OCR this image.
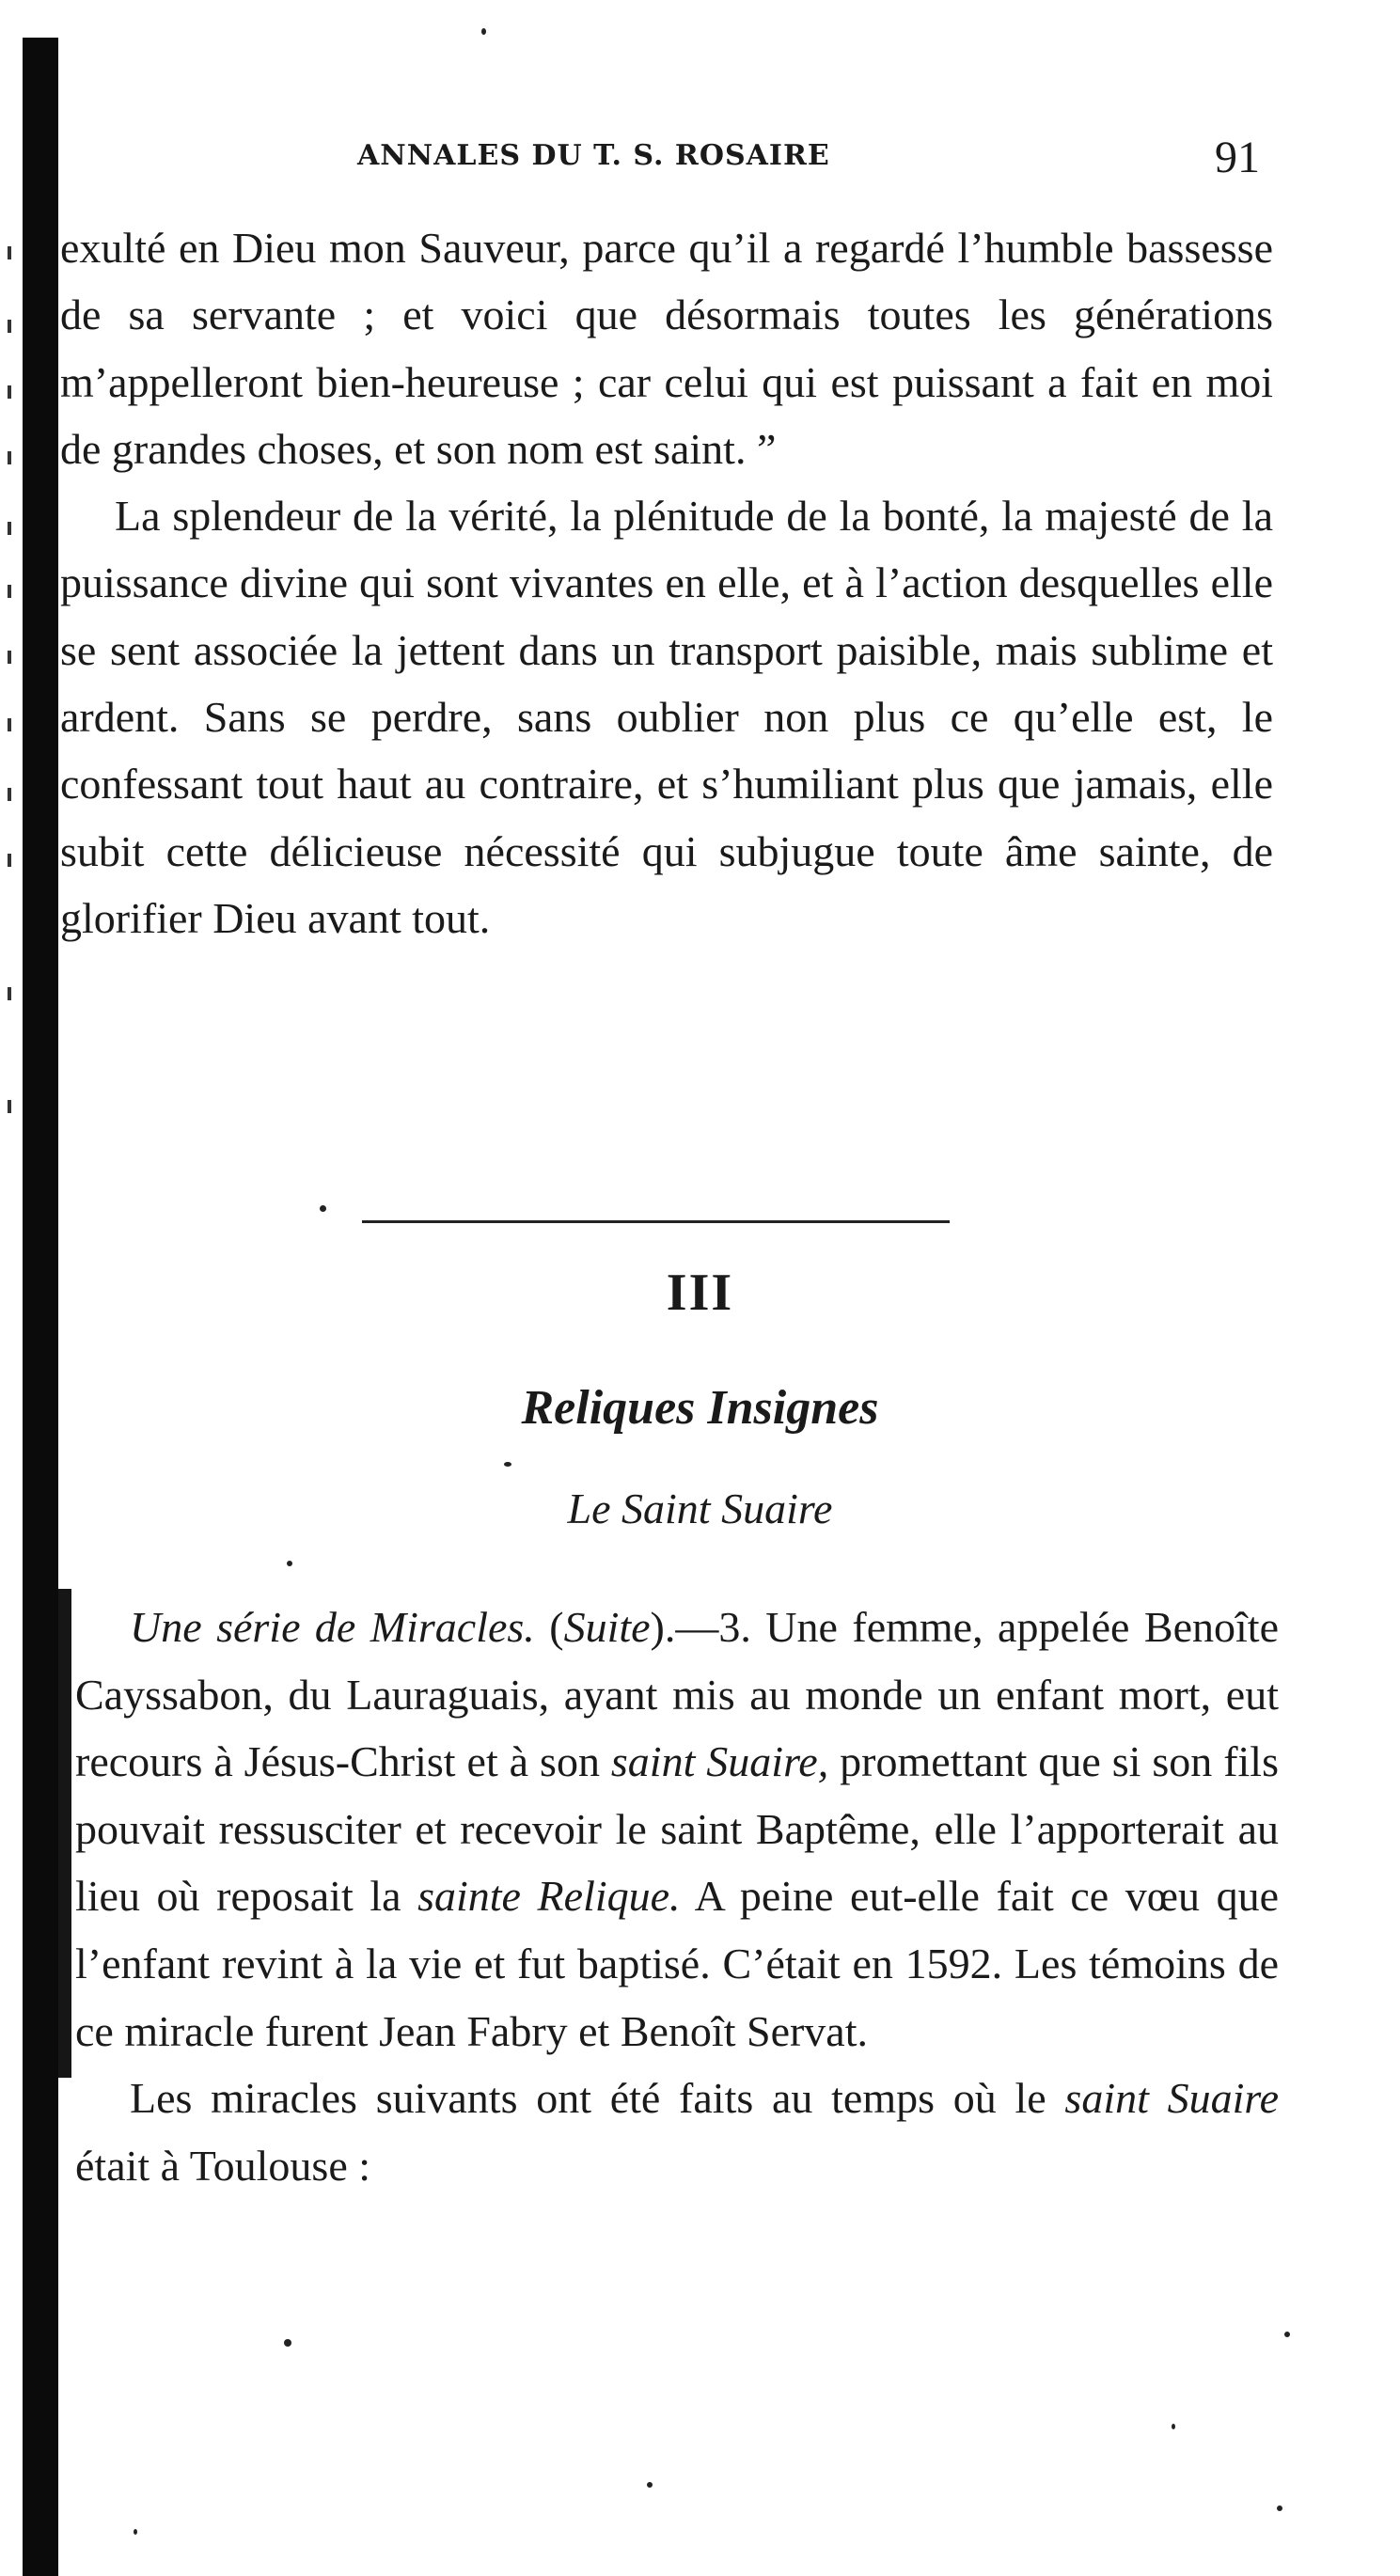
ANNALES DU T. S. ROSAIRE	91

exulté en Dieu mon Sauveur, parce qu’il a regardé l’humble bassesse de sa servante ; et voici que désormais toutes les générations m’appelleront bien-heureuse ; car celui qui est puissant a fait en moi de grandes choses, et son nom est saint. ”

La splendeur de la vérité, la plénitude de la bonté, la majesté de la puissance divine qui sont vivantes en elle, et à l’action desquelles elle se sent associée la jettent dans un transport paisible, mais sublime et ardent. Sans se perdre, sans oublier non plus ce qu’elle est, le confessant tout haut au contraire, et s’humiliant plus que jamais, elle subit cette délicieuse nécessité qui subjugue toute âme sainte, de glorifier Dieu avant tout.

III
Reliques Insignes
Le Saint Suaire

Une série de Miracles. (Suite).—3. Une femme, appelée Benoîte Cayssabon, du Lauraguais, ayant mis au monde un enfant mort, eut recours à Jésus-Christ et à son saint Suaire, promettant que si son fils pouvait ressusciter et recevoir le saint Baptême, elle l’apporterait au lieu où reposait la sainte Relique. A peine eut-elle fait ce vœu que l’enfant revint à la vie et fut baptisé. C’était en 1592. Les témoins de ce miracle furent Jean Fabry et Benoît Servat.

Les miracles suivants ont été faits au temps où le saint Suaire était à Toulouse :
